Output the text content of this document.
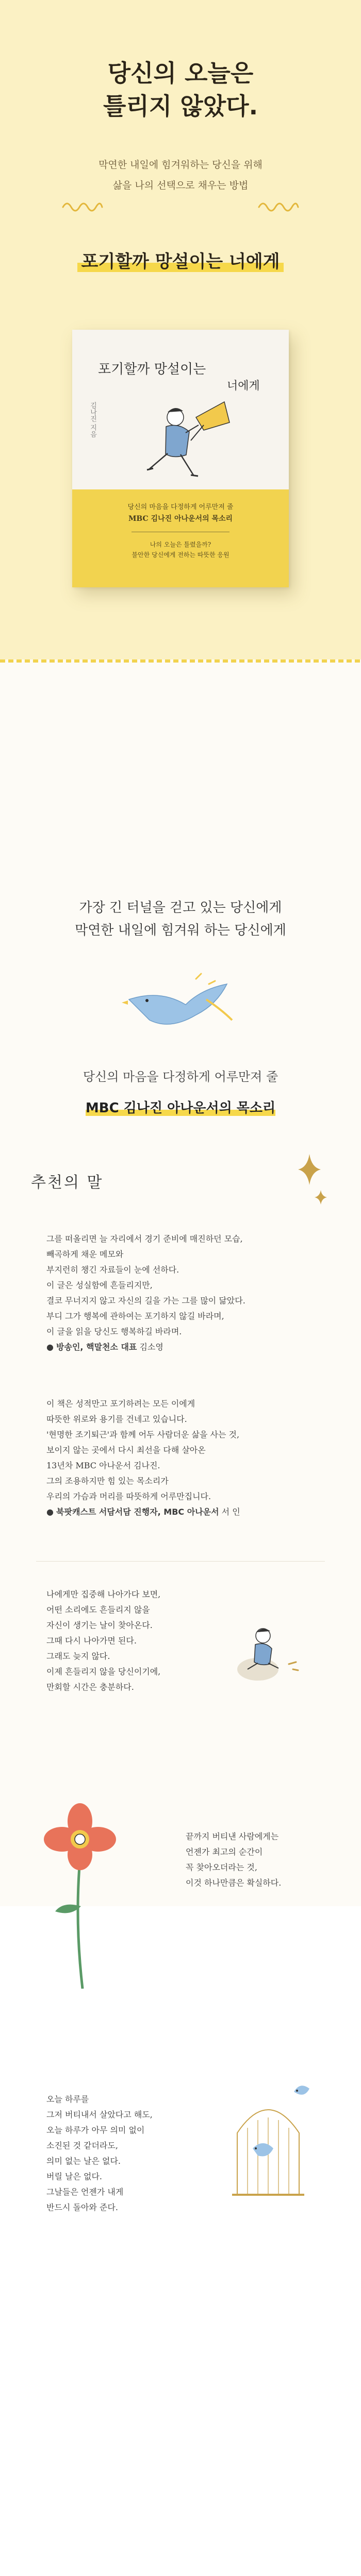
당신의 오늘은
틀리지 않았다.
막연한 내일에 힘겨워하는 당신을 위해
삶을 나의 선택으로 채우는 방법
포기할까 망설이는 너에게
포기할까 망설이는
너에게
김나진 지음

당신의 마음을 다정하게 어루만져 줄

MBC 김나진 아나운서의 목소리

나의 오늘은 틀렸을까?

불안한 당신에게 전하는 따뜻한 응원

가장 긴 터널을 걷고 있는 당신에게
막연한 내일에 힘겨워 하는 당신에게
당신의 마음을 다정하게 어루만져 줄
MBC 김나진 아나운서의 목소리
추천의 말
그를 떠올리면 늘 자리에서 경기 준비에 매진하던 모습,
빼곡하게 채운 메모와
부지런히 챙긴 자료들이 눈에 선하다.
이 글은 성실함에 흔들리지만,
결코 무너지지 않고 자신의 길을 가는 그를 많이 닮았다.
부디 그가 행복에 관하여는 포기하지 않길 바라며,
이 글을 읽을 당신도 행복하길 바라며.
● 방송인, 핵말천소 대표 김소영
이 책은 성적만고 포기하려는 모든 이에게
따뜻한 위로와 용기를 건네고 있습니다.
'현명한 조기퇴근'과 함께 어두 사람더운 삶을 사는 것,
보이지 않는 곳에서 다시 최선을 다해 살아온
13년차 MBC 아나운서 김나진.
그의 조용하지만 힘 있는 목소리가
우리의 가슴과 머리를 따뜻하게 어루만집니다.
● 북팟캐스트 서담서담 진행자, MBC 아나운서 서 인
나에게만 집중해 나아가다 보면,
어떤 소리에도 흔들리지 않을
자신이 생기는 날이 찾아온다.
그때 다시 나아가면 된다.
그래도 늦지 않다.
이제 흔들리지 않을 당신이기에,
만회할 시간은 충분하다.
끝까지 버티낸 사람에게는
언젠가 최고의 순간이
꼭 찾아오더라는 것,
이것 하나만큼은 확실하다.
오늘 하루를
그저 버티내서 살았다고 해도,
오늘 하루가 아무 의미 없이
소진된 것 같더라도,
의미 없는 날은 없다.
버릴 날은 없다.
그날들은 언젠가 내게
반드시 돌아와 준다.
